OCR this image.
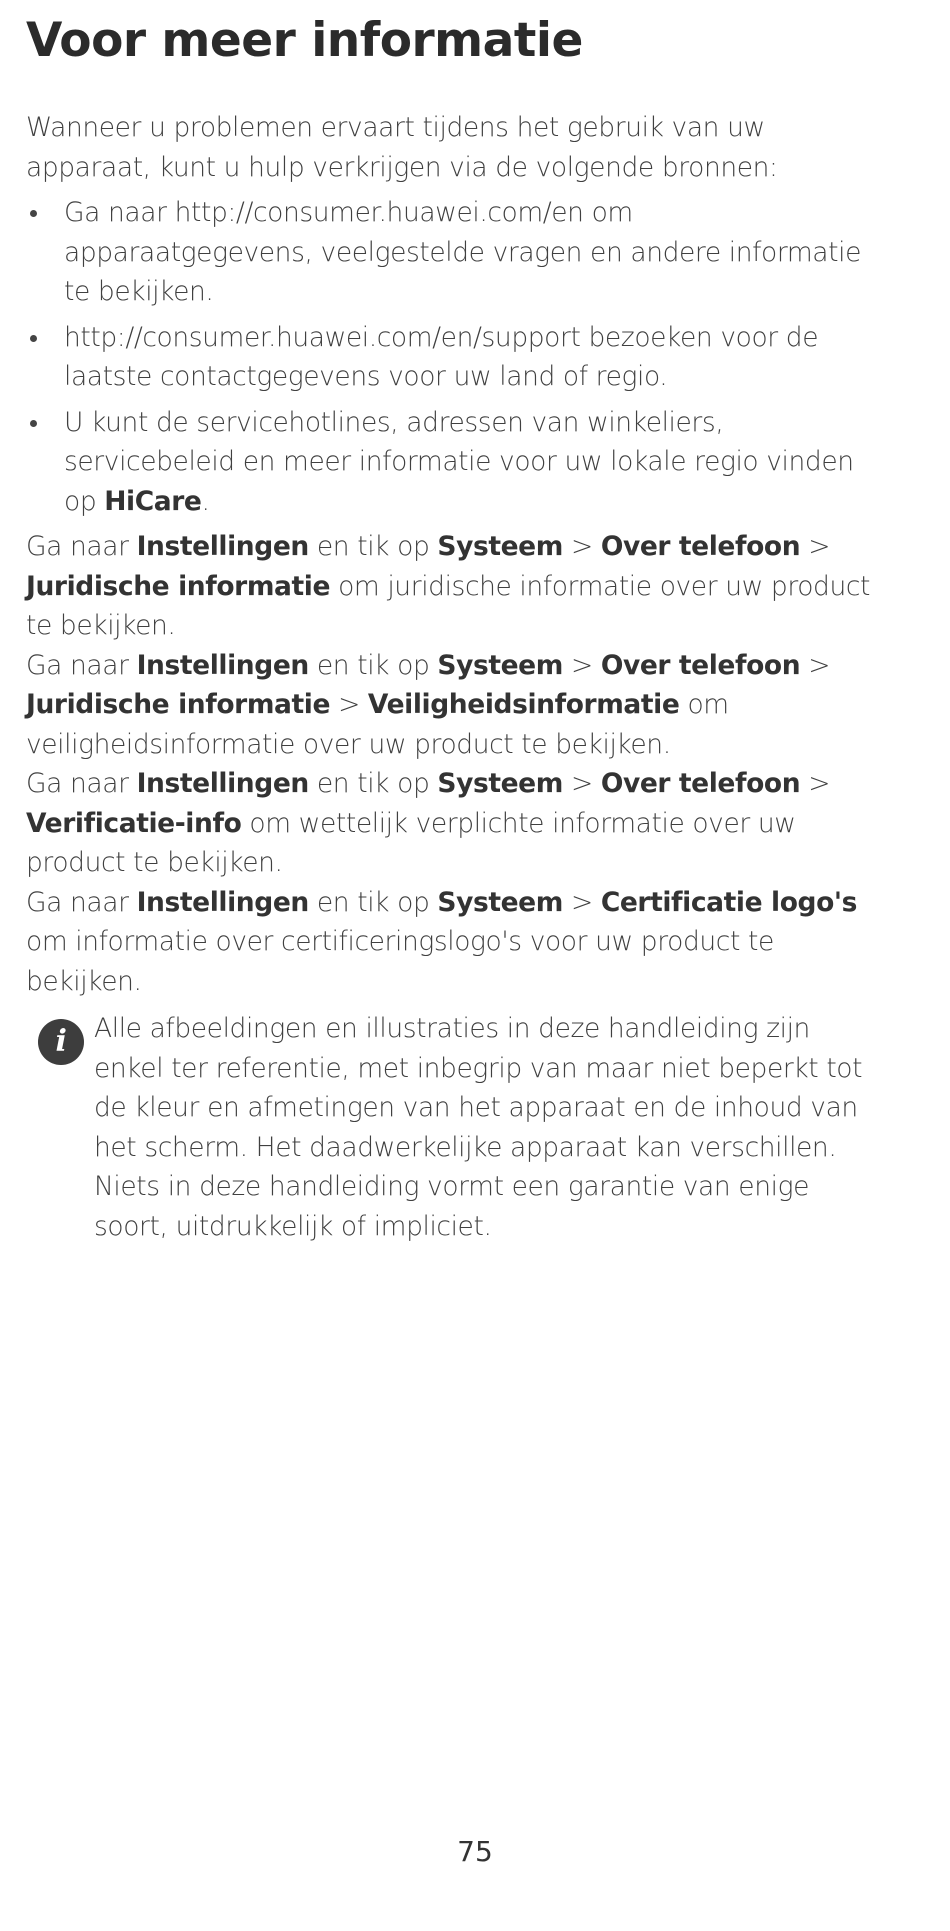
Voor meer informatie

Wanneer u problemen ervaart tijdens het gebruik van uw apparaat, kunt u hulp verkrijgen via de volgende bronnen:

Ga naar http://consumer.huawei.com/en om apparaatgegevens, veelgestelde vragen en andere informatie te bekijken.
http://consumer.huawei.com/en/support bezoeken voor de laatste contactgegevens voor uw land of regio.
U kunt de servicehotlines, adressen van winkeliers, servicebeleid en meer informatie voor uw lokale regio vinden op HiCare.

Ga naar Instellingen en tik op Systeem > Over telefoon > Juridische informatie om juridische informatie over uw product te bekijken.

Ga naar Instellingen en tik op Systeem > Over telefoon > Juridische informatie > Veiligheidsinformatie om veiligheidsinformatie over uw product te bekijken.

Ga naar Instellingen en tik op Systeem > Over telefoon > Verificatie-info om wettelijk verplichte informatie over uw product te bekijken.

Ga naar Instellingen en tik op Systeem > Certificatie logo's om informatie over certificeringslogo's voor uw product te bekijken.

i	Alle afbeeldingen en illustraties in deze handleiding zijn enkel ter referentie, met inbegrip van maar niet beperkt tot de kleur en afmetingen van het apparaat en de inhoud van het scherm. Het daadwerkelijke apparaat kan verschillen. Niets in deze handleiding vormt een garantie van enige soort, uitdrukkelijk of impliciet.

75
